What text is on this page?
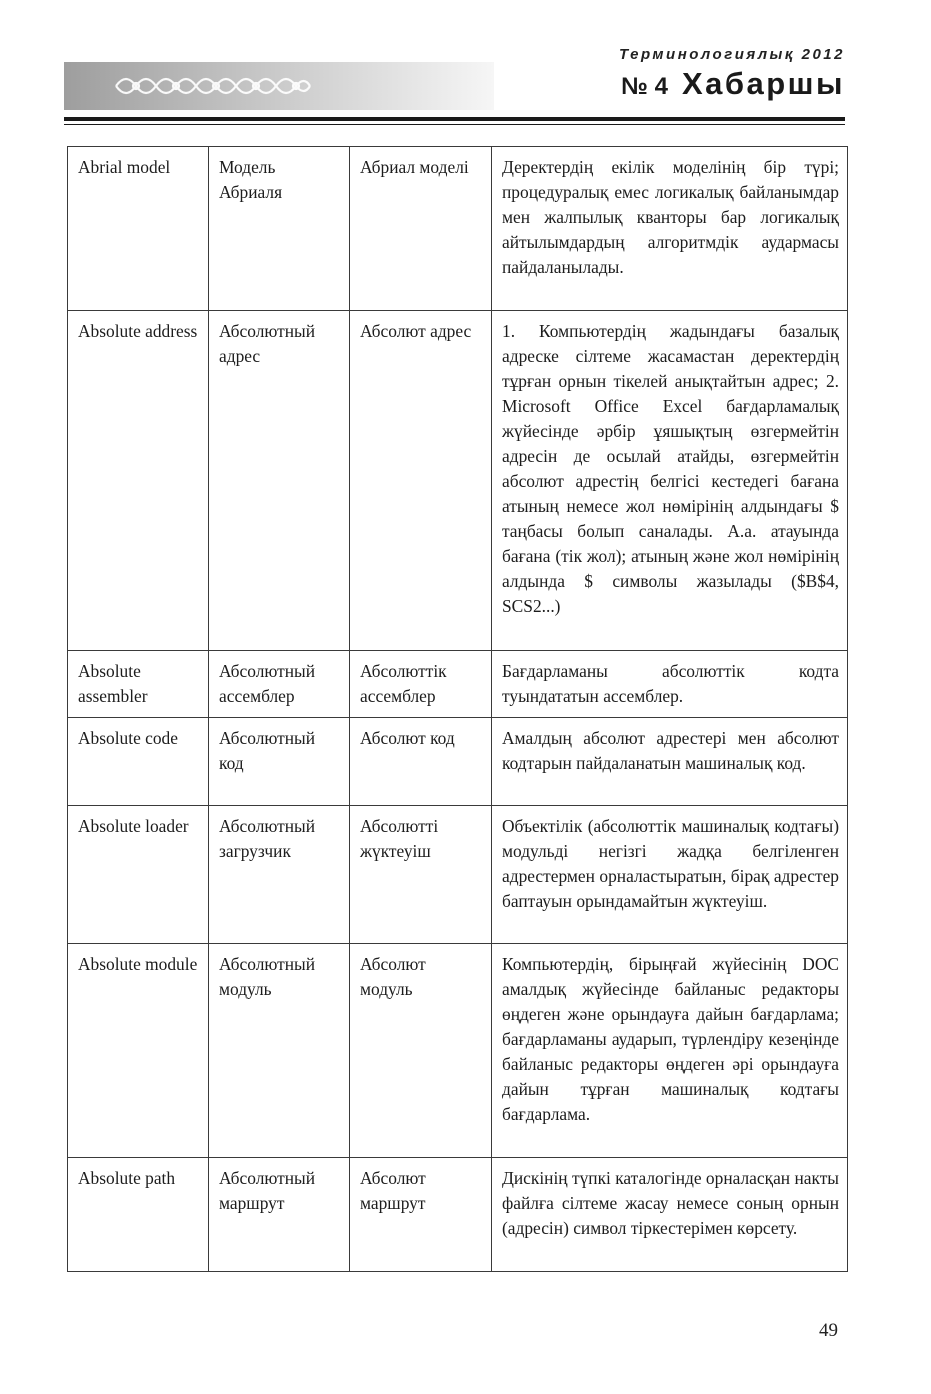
Терминологиялық 2012
№ 4 Хабаршы
Abrial model	Модель Абриаля	Абриал моделі	Деректердің екілік моделінің бір түрі; процедуралық емес логикалық байланымдар мен жалпылық кванторы бар логикалық айтылымдардың алгоритмдік аудармасы пайдаланылады.
Absolute address	Абсолютный адрес	Абсолют адрес	1. Компьютердің жадындағы базалық адреске сілтеме жасамастан деректердің тұрған орнын тікелей анықтайтын адрес; 2. Microsoft Office Excel бағдарламалық жүйесінде әрбір ұяшықтың өзгермейтін адресін де осылай атайды, өзгермейтін абсолют адрестің белгісі кестедегі бағана атының немесе жол нөмірінің алдындағы $ таңбасы болып саналады. А.а. атауында бағана (тік жол); атының және жол нөмірінің алдында $ символы жазылады ($B$4, SCS2...)
Absolute assembler	Абсолютный ассемблер	Абсолюттік ассемблер	Бағдарламаны абсолюттік кодта туындататын ассемблер.
Absolute code	Абсолютный код	Абсолют код	Амалдың абсолют адрестері мен абсолют кодтарын пайдаланатын машиналық код.
Absolute loader	Абсолютный загрузчик	Абсолютті жүктеуіш	Объектілік (абсолюттік машиналық кодтағы) модульді негізгі жадқа белгіленген адрестермен орналастыратын, бірақ адрестер баптауын орындамайтын жүктеуіш.
Absolute module	Абсолютный модуль	Абсолют модуль	Компьютердің, бірыңғай жүйесінің DOC амалдық жүйесінде байланыс редакторы өңдеген және орындауға дайын бағдарлама; бағдарламаны аударып, түрлендіру кезеңінде байланыс редакторы өңдеген әрі орындауға дайын тұрған машиналық кодтағы бағдарлама.
Absolute path	Абсолютный маршрут	Абсолют маршрут	Дискінің түпкі каталогінде орналасқан накты файлға сілтеме жасау немесе соның орнын (адресін) символ тіркестерімен көрсету.
49
